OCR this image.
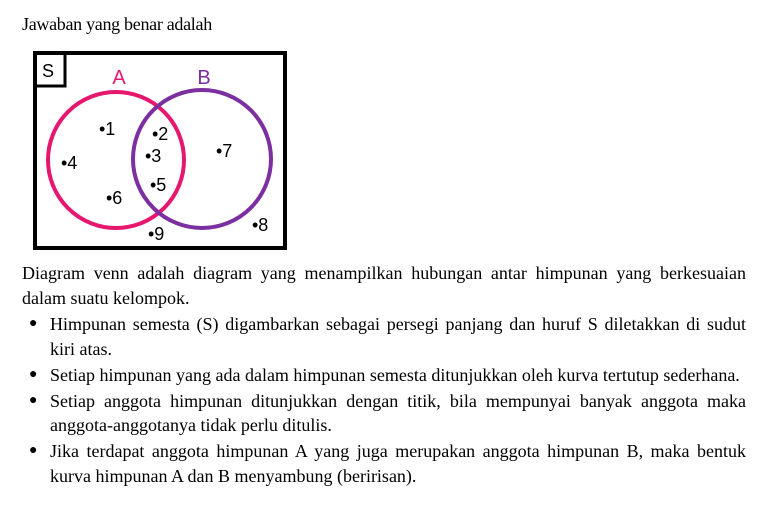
Jawaban yang benar adalah
S	A	B
•1
•4
•6
•2
•3
•5
•7
•9	•8
Diagram venn adalah diagram yang menampilkan hubungan antar himpunan yang berkesuaian dalam suatu kelompok.
● Himpunan semesta (S) digambarkan sebagai persegi panjang dan huruf S diletakkan di sudut kiri atas.
● Setiap himpunan yang ada dalam himpunan semesta ditunjukkan oleh kurva tertutup sederhana.
● Setiap anggota himpunan ditunjukkan dengan titik, bila mempunyai banyak anggota maka anggota-anggotanya tidak perlu ditulis.
● Jika terdapat anggota himpunan A yang juga merupakan anggota himpunan B, maka bentuk kurva himpunan A dan B menyambung (beririsan).
